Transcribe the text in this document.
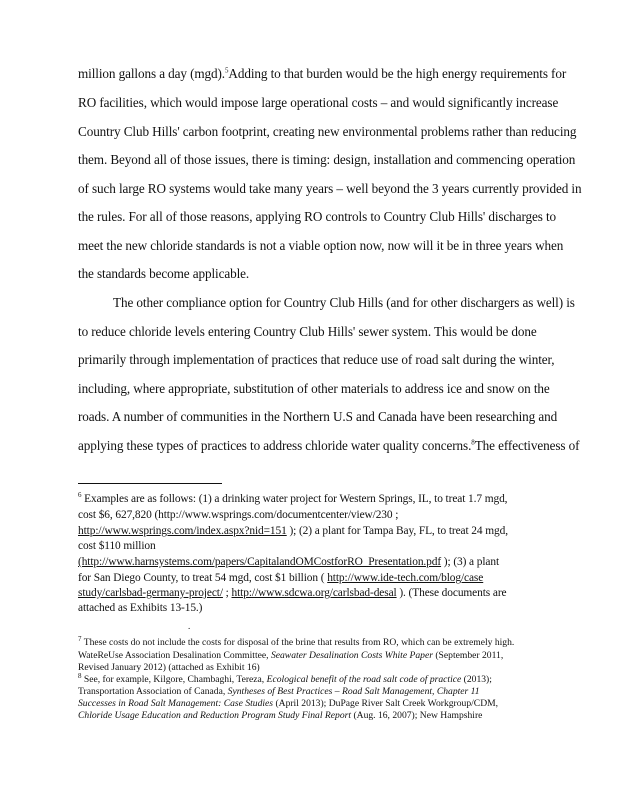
million gallons a day (mgd).$^5$Adding to that burden would be the high energy requirements for
RO facilities, which would impose large operational costs – and would significantly increase
Country Club Hills' carbon footprint, creating new environmental problems rather than reducing
them. Beyond all of those issues, there is timing: design, installation and commencing operation
of such large RO systems would take many years – well beyond the 3 years currently provided in
the rules. For all of those reasons, applying RO controls to Country Club Hills' discharges to
meet the new chloride standards is not a viable option now, now will it be in three years when
the standards become applicable.
The other compliance option for Country Club Hills (and for other dischargers as well) is
to reduce chloride levels entering Country Club Hills' sewer system. This would be done
primarily through implementation of practices that reduce use of road salt during the winter,
including, where appropriate, substitution of other materials to address ice and snow on the
roads. A number of communities in the Northern U.S and Canada have been researching and
applying these types of practices to address chloride water quality concerns.$^8$The effectiveness of
$^6$ Examples are as follows: (1) a drinking water project for Western Springs, IL, to treat 1.7 mgd,
cost $6, 627,820 (http://www.wsprings.com/documentcenter/view/230 ;
http://www.wsprings.com/index.aspx?nid=151 ); (2) a plant for Tampa Bay, FL, to treat 24 mgd,
cost $110 million
(http://www.harnsystems.com/papers/CapitalandOMCostforRO_Presentation.pdf ); (3) a plant
for San Diego County, to treat 54 mgd, cost $1 billion ( http://www.ide-tech.com/blog/case
study/carlsbad-germany-project/ ; http://www.sdcwa.org/carlsbad-desal ). (These documents are
attached as Exhibits 13-15.)
.
$^7$ These costs do not include the costs for disposal of the brine that results from RO, which can be extremely high.
WateReUse Association Desalination Committee, Seawater Desalination Costs White Paper (September 2011,
Revised January 2012) (attached as Exhibit 16)
$^8$ See, for example, Kilgore, Chambaghi, Tereza, Ecological benefit of the road salt code of practice (2013);
Transportation Association of Canada, Syntheses of Best Practices – Road Salt Management, Chapter 11
Successes in Road Salt Management: Case Studies (April 2013); DuPage River Salt Creek Workgroup/CDM,
Chloride Usage Education and Reduction Program Study Final Report (Aug. 16, 2007); New Hampshire
